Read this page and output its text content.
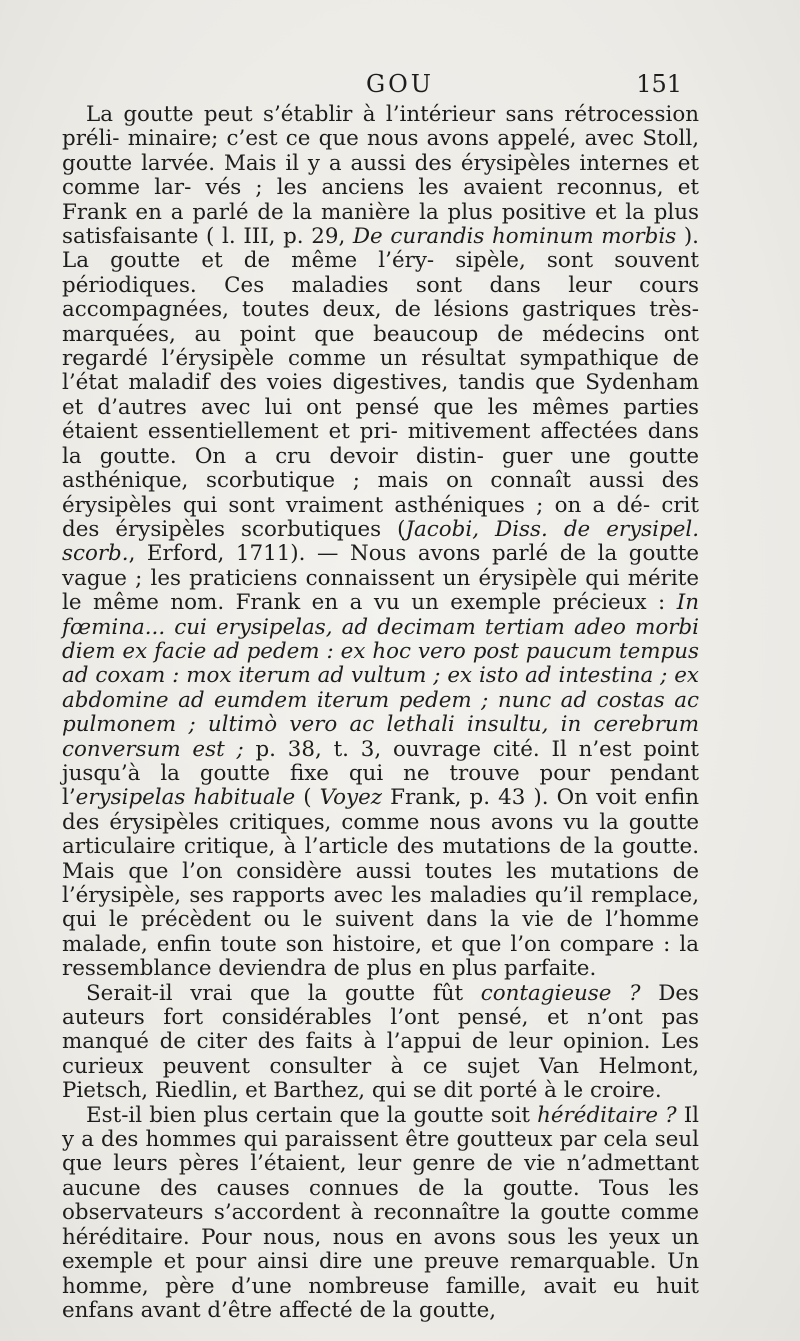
GOU	151

La goutte peut s’établir à l’intérieur sans rétrocession préli- minaire; c’est ce que nous avons appelé, avec Stoll, goutte larvée. Mais il y a aussi des érysipèles internes et comme lar- vés ; les anciens les avaient reconnus, et Frank en a parlé de la manière la plus positive et la plus satisfaisante ( l. III, p. 29, De curandis hominum morbis ). La goutte et de même l’éry- sipèle, sont souvent périodiques. Ces maladies sont dans leur cours accompagnées, toutes deux, de lésions gastriques très- marquées, au point que beaucoup de médecins ont regardé l’érysipèle comme un résultat sympathique de l’état maladif des voies digestives, tandis que Sydenham et d’autres avec lui ont pensé que les mêmes parties étaient essentiellement et pri- mitivement affectées dans la goutte. On a cru devoir distin- guer une goutte asthénique, scorbutique ; mais on connaît aussi des érysipèles qui sont vraiment asthéniques ; on a dé- crit des érysipèles scorbutiques (Jacobi, Diss. de erysipel. scorb., Erford, 1711). — Nous avons parlé de la goutte vague ; les praticiens connaissent un érysipèle qui mérite le même nom. Frank en a vu un exemple précieux : In fœmina... cui erysipelas, ad decimam tertiam adeo morbi diem ex facie ad pedem : ex hoc vero post paucum tempus ad coxam : mox iterum ad vultum ; ex isto ad intestina ; ex abdomine ad eumdem iterum pedem ; nunc ad costas ac pulmonem ; ultimò vero ac lethali insultu, in cerebrum conversum est ; p. 38, t. 3, ouvrage cité. Il n’est point jusqu’à la goutte fixe qui ne trouve pour pendant l’erysipelas habituale ( Voyez Frank, p. 43 ). On voit enfin des érysipèles critiques, comme nous avons vu la goutte articulaire critique, à l’article des mutations de la goutte. Mais que l’on considère aussi toutes les mutations de l’érysipèle, ses rapports avec les maladies qu’il remplace, qui le précèdent ou le suivent dans la vie de l’homme malade, enfin toute son histoire, et que l’on compare : la ressemblance deviendra de plus en plus parfaite.

Serait-il vrai que la goutte fût contagieuse ? Des auteurs fort considérables l’ont pensé, et n’ont pas manqué de citer des faits à l’appui de leur opinion. Les curieux peuvent consulter à ce sujet Van Helmont, Pietsch, Riedlin, et Barthez, qui se dit porté à le croire.

Est-il bien plus certain que la goutte soit héréditaire ? Il y a des hommes qui paraissent être goutteux par cela seul que leurs pères l’étaient, leur genre de vie n’admettant aucune des causes connues de la goutte. Tous les observateurs s’accordent à reconnaître la goutte comme héréditaire. Pour nous, nous en avons sous les yeux un exemple et pour ainsi dire une preuve remarquable. Un homme, père d’une nombreuse famille, avait eu huit enfans avant d’être affecté de la goutte,
